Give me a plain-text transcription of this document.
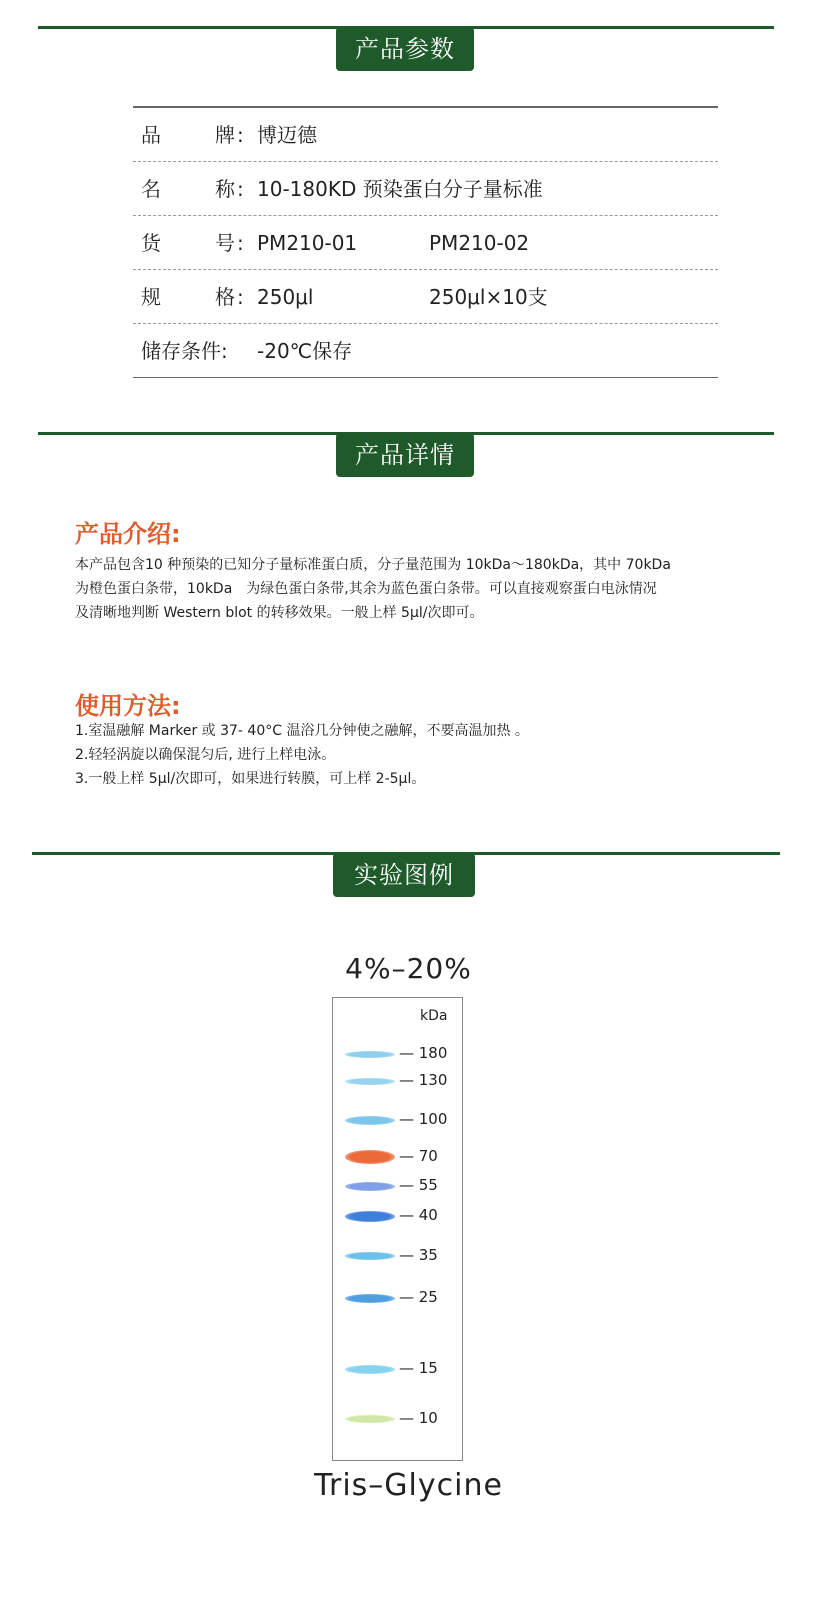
产品参数
品	牌 : 博迈德
名	称 : 10-180KD 预染蛋白分子量标准
货	号 : PM210-01	PM210-02
规	格 : 250μl	250μl×10支
储存条件: -20℃保存
产品详情
产品介绍:
本产品包含10 种预染的已知分子量标准蛋白质，分子量范围为 10kDa～180kDa，其中 70kDa
为橙色蛋白条带，10kDa　为绿色蛋白条带,其余为蓝色蛋白条带。可以直接观察蛋白电泳情况
及清晰地判断 Western blot 的转移效果。一般上样 5μl/次即可。
使用方法:
1.室温融解 Marker 或 37- 40°C 温浴几分钟使之融解，不要高温加热 。
2.轻轻涡旋以确保混匀后, 进行上样电泳。
3.一般上样 5μl/次即可，如果进行转膜，可上样 2-5μl。
实验图例
4%–20%
kDa
— 180
— 130
— 100
— 70
— 55
— 40
— 35
— 25
— 15
— 10
Tris–Glycine
